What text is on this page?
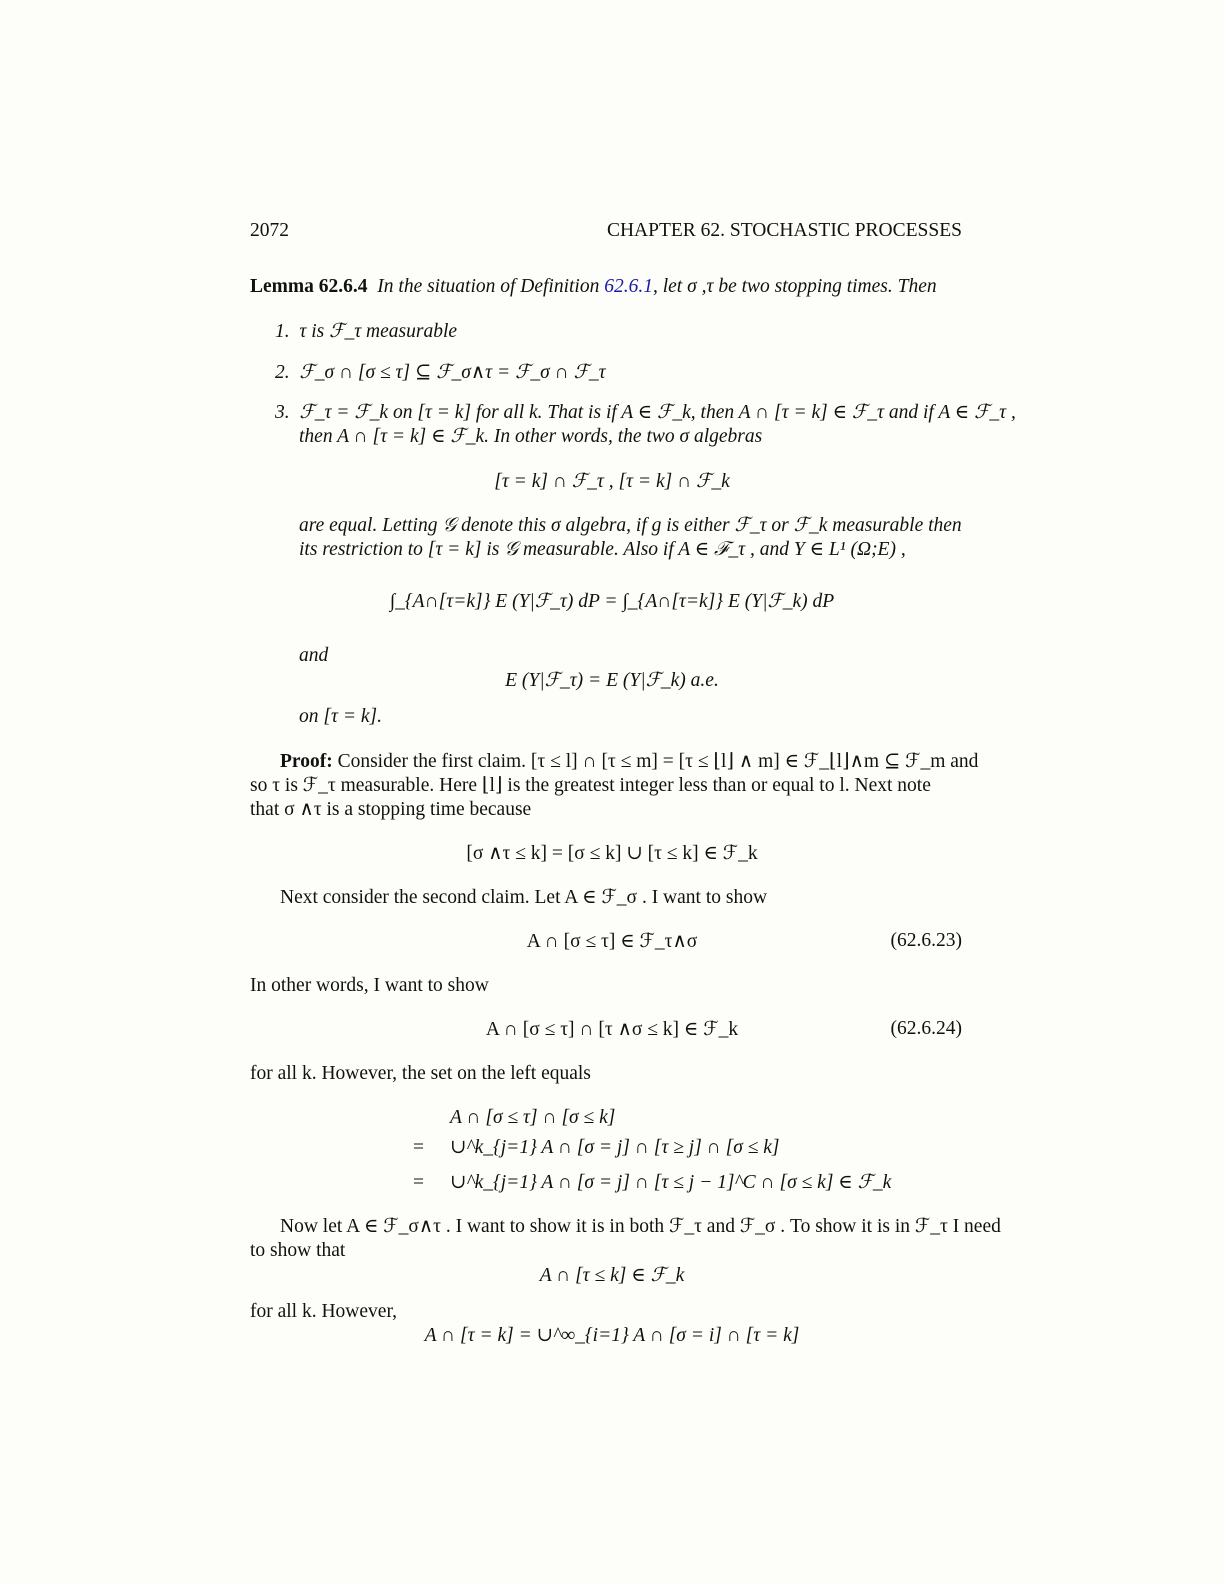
2072	CHAPTER 62. STOCHASTIC PROCESSES
Lemma 62.6.4 In the situation of Definition 62.6.1, let σ ,τ be two stopping times. Then
1. τ is ℱ_τ measurable
2. ℱ_σ ∩ [σ ≤ τ] ⊆ ℱ_σ∧τ = ℱ_σ ∩ ℱ_τ
3. ℱ_τ = ℱ_k on [τ = k] for all k. That is if A ∈ ℱ_k, then A ∩ [τ = k] ∈ ℱ_τ and if A ∈ ℱ_τ ,
then A ∩ [τ = k] ∈ ℱ_k. In other words, the two σ algebras
[τ = k] ∩ ℱ_τ , [τ = k] ∩ ℱ_k
are equal. Letting 𝒢 denote this σ algebra, if g is either ℱ_τ or ℱ_k measurable then
its restriction to [τ = k] is 𝒢 measurable. Also if A ∈ ℱ_τ , and Y ∈ L¹ (Ω;E) ,
∫_{A∩[τ=k]} E (Y|ℱ_τ) dP = ∫_{A∩[τ=k]} E (Y|ℱ_k) dP
and
E (Y|ℱ_τ) = E (Y|ℱ_k) a.e.
on [τ = k].
Proof: Consider the first claim. [τ ≤ l] ∩ [τ ≤ m] = [τ ≤ ⌊l⌋ ∧ m] ∈ ℱ_⌊l⌋∧m ⊆ ℱ_m and
so τ is ℱ_τ measurable. Here ⌊l⌋ is the greatest integer less than or equal to l. Next note
that σ ∧τ is a stopping time because
[σ ∧τ ≤ k] = [σ ≤ k] ∪ [τ ≤ k] ∈ ℱ_k
Next consider the second claim. Let A ∈ ℱ_σ . I want to show
A ∩ [σ ≤ τ] ∈ ℱ_τ∧σ	(62.6.23)
In other words, I want to show
A ∩ [σ ≤ τ] ∩ [τ ∧σ ≤ k] ∈ ℱ_k	(62.6.24)
for all k. However, the set on the left equals
=
=
A ∩ [σ ≤ τ] ∩ [σ ≤ k]
∪^k_{j=1} A ∩ [σ = j] ∩ [τ ≥ j] ∩ [σ ≤ k]
∪^k_{j=1} A ∩ [σ = j] ∩ [τ ≤ j − 1]^C ∩ [σ ≤ k] ∈ ℱ_k
Now let A ∈ ℱ_σ∧τ . I want to show it is in both ℱ_τ and ℱ_σ . To show it is in ℱ_τ I need
to show that
A ∩ [τ ≤ k] ∈ ℱ_k
for all k. However,
A ∩ [τ = k] = ∪^∞_{i=1} A ∩ [σ = i] ∩ [τ = k]
